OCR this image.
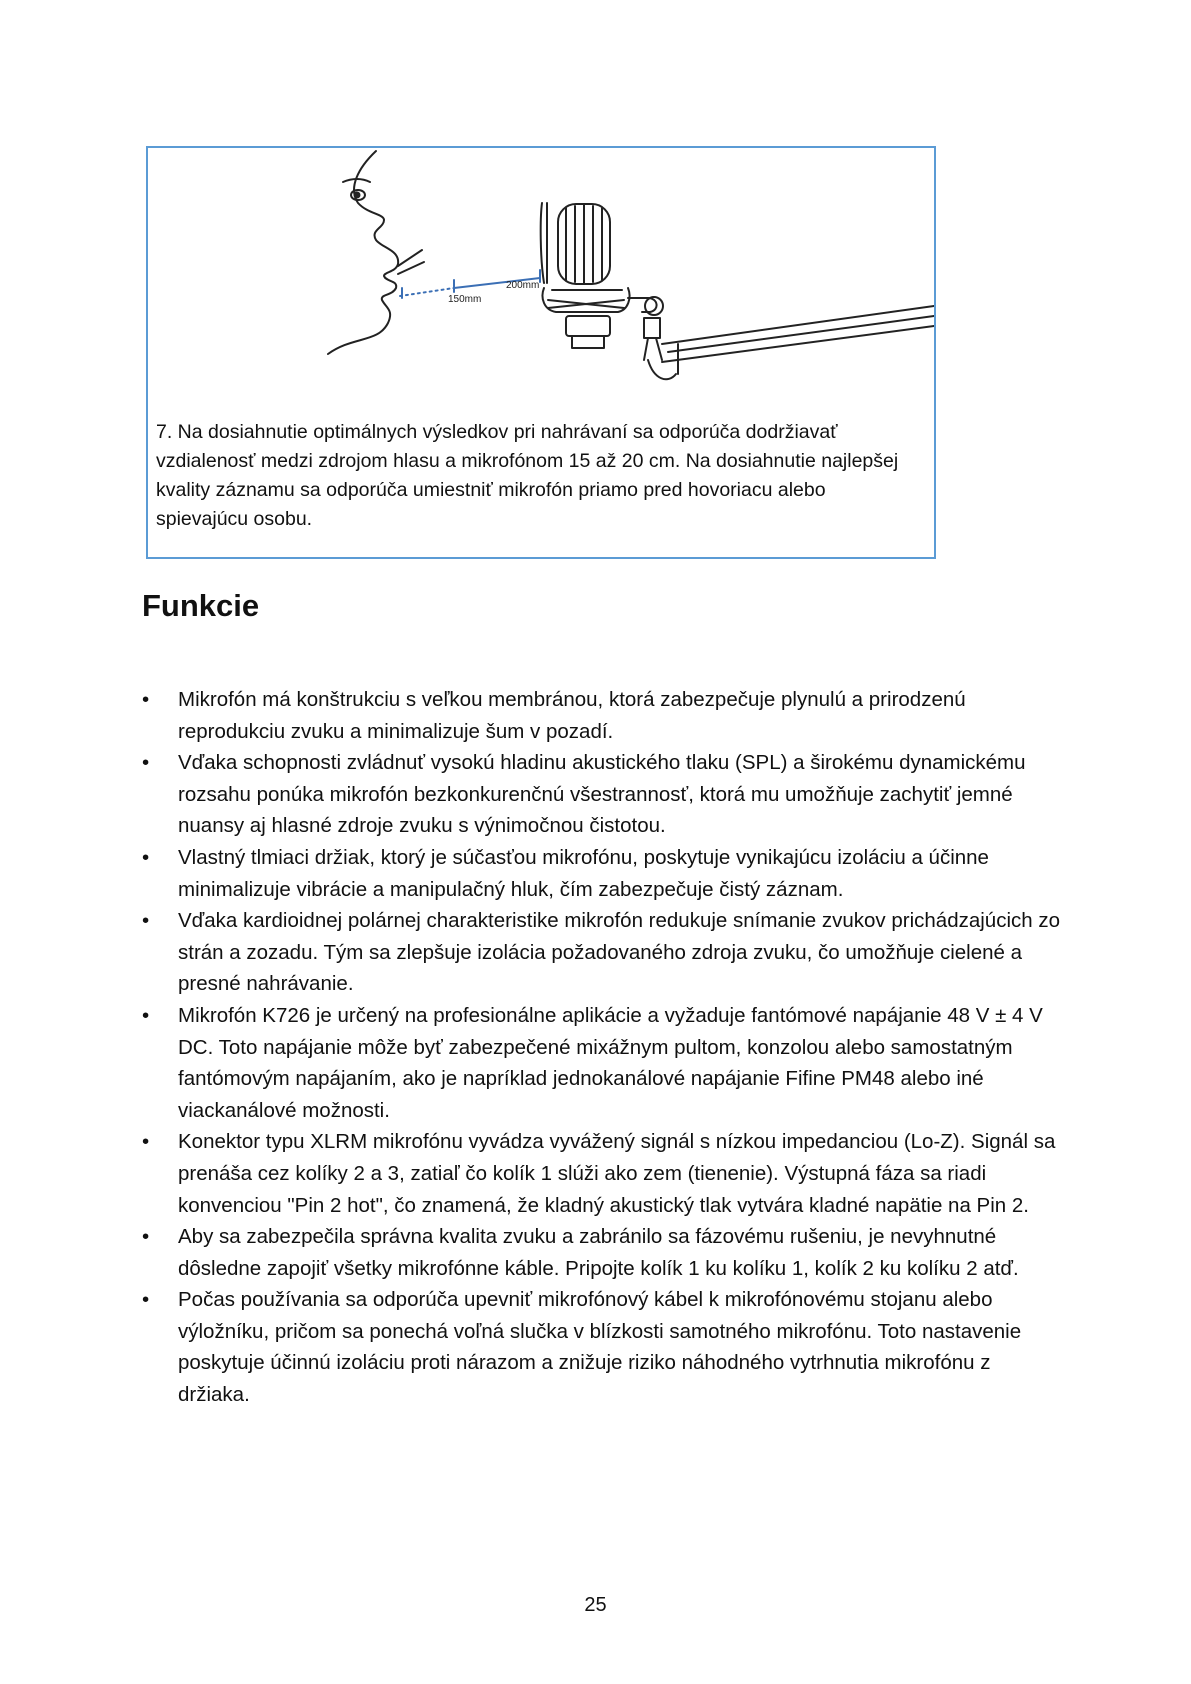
150mm
200mm
7. Na dosiahnutie optimálnych výsledkov pri nahrávaní sa odporúča dodržiavať vzdialenosť medzi zdrojom hlasu a mikrofónom 15 až 20 cm. Na dosiahnutie najlepšej kvality záznamu sa odporúča umiestniť mikrofón priamo pred hovoriacu alebo spievajúcu osobu.
Funkcie
•	Mikrofón má konštrukciu s veľkou membránou, ktorá zabezpečuje plynulú a prirodzenú reprodukciu zvuku a minimalizuje šum v pozadí.
•	Vďaka schopnosti zvládnuť vysokú hladinu akustického tlaku (SPL) a širokému dynamickému rozsahu ponúka mikrofón bezkonkurenčnú všestrannosť, ktorá mu umožňuje zachytiť jemné nuansy aj hlasné zdroje zvuku s výnimočnou čistotou.
•	Vlastný tlmiaci držiak, ktorý je súčasťou mikrofónu, poskytuje vynikajúcu izoláciu a účinne minimalizuje vibrácie a manipulačný hluk, čím zabezpečuje čistý záznam.
•	Vďaka kardioidnej polárnej charakteristike mikrofón redukuje snímanie zvukov prichádzajúcich zo strán a zozadu. Tým sa zlepšuje izolácia požadovaného zdroja zvuku, čo umožňuje cielené a presné nahrávanie.
•	Mikrofón K726 je určený na profesionálne aplikácie a vyžaduje fantómové napájanie 48 V ± 4 V DC. Toto napájanie môže byť zabezpečené mixážnym pultom, konzolou alebo samostatným fantómovým napájaním, ako je napríklad jednokanálové napájanie Fifine PM48 alebo iné viackanálové možnosti.
•	Konektor typu XLRM mikrofónu vyvádza vyvážený signál s nízkou impedanciou (Lo-Z). Signál sa prenáša cez kolíky 2 a 3, zatiaľ čo kolík 1 slúži ako zem (tienenie). Výstupná fáza sa riadi konvenciou "Pin 2 hot", čo znamená, že kladný akustický tlak vytvára kladné napätie na Pin 2.
•	Aby sa zabezpečila správna kvalita zvuku a zabránilo sa fázovému rušeniu, je nevyhnutné dôsledne zapojiť všetky mikrofónne káble. Pripojte kolík 1 ku kolíku 1, kolík 2 ku kolíku 2 atď.
•	Počas používania sa odporúča upevniť mikrofónový kábel k mikrofónovému stojanu alebo výložníku, pričom sa ponechá voľná slučka v blízkosti samotného mikrofónu. Toto nastavenie poskytuje účinnú izoláciu proti nárazom a znižuje riziko náhodného vytrhnutia mikrofónu z držiaka.
25
